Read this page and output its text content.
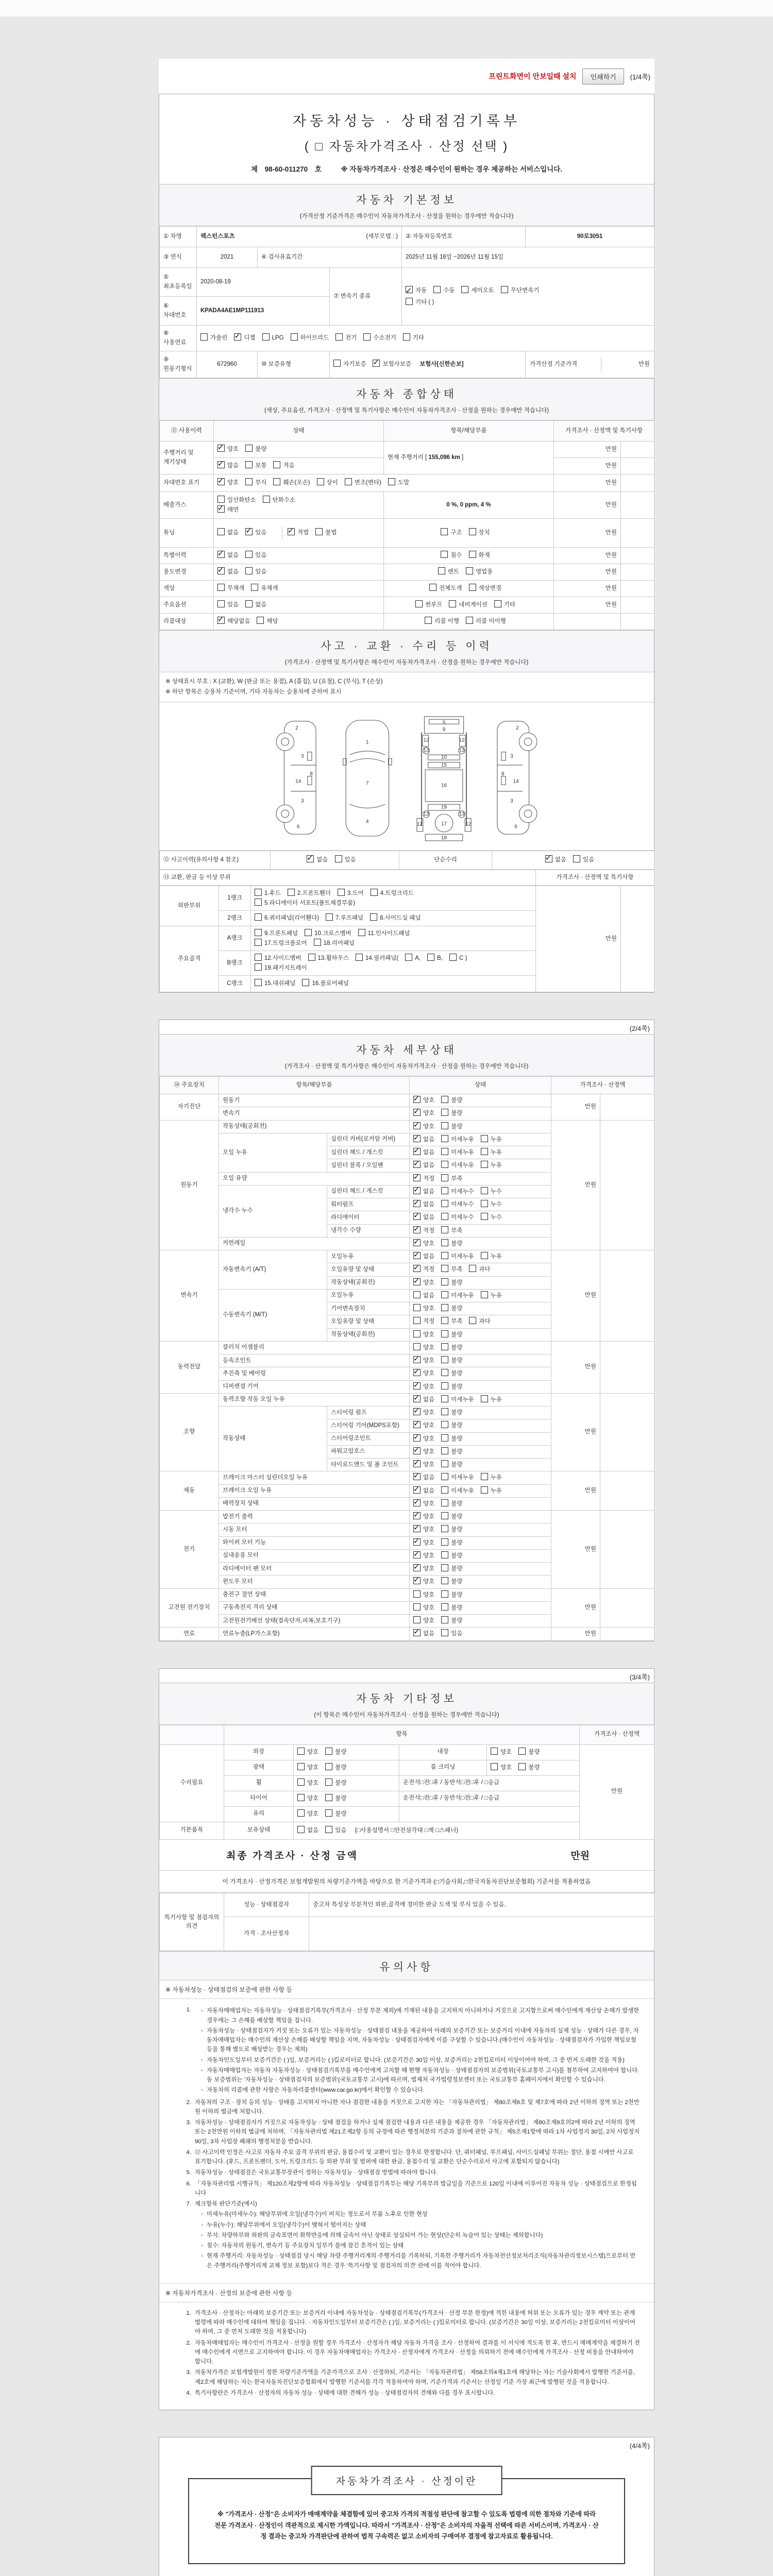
프린트화면이 안보일때 설치	인쇄하기	(1/4쪽)
자동차성능 · 상태점검기록부
( □ 자동차가격조사 · 산정 선택 )
제 98-60-011270 호	※ 자동차가격조사 · 산정은 매수인이 원하는 경우 제공하는 서비스입니다.
자동차 기본정보
(가격산정 기준가격은 매수인이 자동차가격조사 · 산정을 원하는 경우에만 적습니다)
① 차명	렉스턴스포츠 (세부모델 : )			② 자동차등록번호	90로3051
③ 연식	2021	④ 검사유효기간		2025년 11월 16일 ~2026년 11월 15일	
⑤ 최초등록일	2020-08-19		⑦ 변속기 종류	
✓자동 수동 세미오토 무단변속기
기타 ( )

⑥ 차대번호	KPADA4AE1MP111913				
⑧ 사용연료	가솔린 ✓ 디젤 LPG 하이브리드 전기 수소전기 기타
⑨ 원동기형식	672960	⑩ 보증유형	자기보증 ✓ 보험사보증 보험사[신한손보]		가격산정 기준가격 만원
자동차 종합상태
(색상, 주요옵션, 가격조사 · 산정액 및 특기사항은 매수인이 자동차가격조사 · 산정을 원하는 경우에만 적습니다)
⑪ 사용이력	상태	항목/해당부품	가격조사 · 산정액 및 특기사항	
주행거리 및 계기상태	✓양호 불량	현재 주행거리 [ 155,096 km ]	만원	
✓많음 보통 적음		만원	
차대번호 표기	✓양호 부식 훼손(오손) 상이 변조(변타) 도말		만원	
배출가스	일산화탄소 탄화수소
✓매연	0 %, 0 ppm, 4 %	만원	
튜닝	없음 ✓ 있음 ✓ 적법 불법	구조 장치	만원	
특별이력	✓없음 있음	침수 화재	만원	
용도변경	✓없음 있음	렌트 영업용	만원	
색상	무채색 유채색	전체도색 색상변경	만원	
주요옵션	있음 없음	썬루프 네비게이션 기타	만원	
리콜대상	✓해당없음 해당	리콜 이행 리콜 미이행		
사고 · 교환 · 수리 등 이력
(가격조사 · 산정액 및 특기사항은 매수인이 자동차가격조사 · 산정을 원하는 경우에만 적습니다)
※ 상태표시 부호 : X (교환), W (판금 또는 용접), A (흠집), U (요철), C (부식), T (손상)
※ 하단 항목은 승용차 기준이며, 기타 자동차는 승용차에 준하여 표시
2
3
14
3
8
6
1
7
4
5
9
12	12
13	13
10
15
16
19
13	13
17
12	12
18
2
3
14
3
8
6
⑫ 사고이력(유의사항 4 참조)	✓없음	있음	단순수리	✓없음	있음
⑬ 교환, 판금 등 이상 부위	가격조사 · 산정액 및 특기사항
외판부위	1랭크	1.후드 2.프론트휀더 3.도어 4.트렁크리드
5.라디에이터 서포트(볼트체결부품)	만원	
	2랭크	6.쿼터패널(리어휀다) 7.루프패널 8.사이드실 패널		
주요골격	A랭크	9.프론트패널 10.크로스멤버 11.인사이드패널
17.트렁크플로어 18.리어패널		

	B랭크	12.사이드멤버 13.휠하우스 14.필러패널( A, B, C )19.패키지트레이		
	C랭크	15.대쉬패널 16.플로어패널		
(2/4쪽)
자동차 세부상태
(가격조사 · 산정액 및 특기사항은 매수인이 자동차가격조사 · 산정을 원하는 경우에만 적습니다)
⑭ 주요장치	항목/해당부품		상태	가격조사 · 산정액	
자기진단	원동기	✓양호 불량	만원	
	변속기	✓양호 불량
원동기	작동상태(공회전)	✓양호 불량	만원	
	오일 누유	실린더 커버(로커암 커버)	✓없음 미세누유 누유
		실린더 헤드 / 개스킷	✓없음 미세누유 누유
		실린더 블록 / 오일팬	✓없음 미세누유 누유
	오일 유량	✓적정 부족
	냉각수 누수	실린더 헤드 / 개스킷	✓없음 미세누수 누수
		워터펌프	✓없음 미세누수 누수
		라디에이터	✓없음 미세누수 누수
		냉각수 수량	✓적정 부족
	커먼레일	✓양호 불량
변속기	자동변속기 (A/T)	오일누유	✓없음 미세누유 누유	만원	
		오일유량 및 상태	✓적정 부족 과다
		작동상태(공회전)	✓양호 불량
	수동변속기 (M/T)	오일누유	없음 미세누유 누유		
		기어변속장치	양호 불량		
		오일유량 및 상태	적정 부족 과다		
		작동상태(공회전)	양호 불량		
동력전달	클러치 어셈블리		양호 불량	만원	
	등속조인트	✓양호 불량
	추진축 및 베어링	✓양호 불량
	디퍼렌셜 기어	✓양호 불량
조향	동력조향 작동 오일 누유	✓없음 미세누유 누유	만원	
	작동상태	스티어링 펌프	✓양호 불량
		스티어링 기어(MDPS포함)	✓양호 불량
		스티어링조인트	✓양호 불량
		파워고압호스	✓양호 불량
		타이로드엔드 및 볼 조인트	✓양호 불량
제동	브레이크 마스터 실린더오일 누유	✓없음 미세누유 누유	만원	
	브레이크 오일 누유	✓없음 미세누유 누유
	배력장치 상태	✓양호 불량
전기	발전기 출력	✓양호 불량	만원	
	시동 모터	✓양호 불량
	와이퍼 모터 기능	✓양호 불량
	실내송풍 모터	✓양호 불량
	라디에이터 팬 모터	✓양호 불량
	윈도우 모터	✓양호 불량
고전원 전기장치	충전구 절연 상태		양호 불량	만원	
	구동축전지 격리 상태		양호 불량		
	고전원전기배선 상태(접속단자,피복,보호기구)		양호 불량		
연료	연료누출(LP가스포함)	✓없음 있음	만원	
(3/4쪽)
자동차 기타정보
(이 항목은 매수인이 자동차가격조사 · 산정을 원하는 경우에만 적습니다)
	항목				가격조사 · 산정액
수리필요	외장	양호 불량	내장	양호 불량	만원
	광택	양호 불량	룸 크리닝	양호 불량	
	휠	양호 불량	운전석□전□후 / 동반석□전□후 / □응급		
	타이어	양호 불량	운전석□전□후 / 동반석□전□후 / □응급		
	유리	양호 불량			
기본품목	보유상태	없음 있음 (□사용설명서 □안전삼각대 □잭 □스패너)			
최종 가격조사 · 산정 금액	만원
이 가격조사 · 산정가격은 보험개발원의 차량기준가액을 바탕으로 한 기준가격과 (□기술사회,□한국자동차진단보증협회) 기준서를 적용하였음
특기사항 및 점검자의 의견	성능 · 상태점검자	중고차 특성상 부분적인 외판,골격에 경미한 판금 도색 및 부식 있을 수 있음.
	가격 · 조사산정자	
유의사항
※ 자동차성능 · 상태점검의 보증에 관한 사항 등
1. ◦ 자동차매매업자는 자동차성능 · 상태점검기록부(가격조사 · 산정 부분 제외)에 기재된 내용을 고지하지 아니하거나 거짓으로 고지함으로써 매수인에게 재산상 손해가 발생한 경우에는 그 손해를 배상할 책임을 집니다.
◦ 자동차성능 · 상태점검자가 거짓 또는 오류가 있는 자동차성능 · 상태점검 내용을 제공하여 아래의 보증기간 또는 보증거리 이내에 자동차의 실제 성능 · 상태가 다른 경우, 자동차매매업자는 매수인의 재산상 손해를 배상할 책임을 지며, 자동차성능 · 상태점검자에게 이를 구상할 수 있습니다.(매수인이 자동차성능 · 상태점검자가 가입한 책임보험 등을 통해 별도로 배상받는 경우는 제외)
◦ 자동차인도일부터 보증기간은 ( )일, 보증거리는 ( )킬로미터로 합니다. (보증기간은 30일 이상, 보증거리는 2천킬로미터 이상이어야 하며, 그 중 먼저 도래한 것을 적용)
◦ 자동차매매업자는 자동차 자동차성능 · 상태점검기록부를 매수인에게 고지할 때 현행 자동차성능 · 상태점검자의 보증범위(국토교통부 고시)를 첨부하여 고지하여야 합니다. 동 보증범위는 '자동차성능 · 상태점검자의 보증범위'(국토교통부 고시)에 따르며, 법제처 국가법령정보센터 또는 국토교통부 홈페이지에서 확인할 수 있습니다.
◦ 자동차의 리콜에 관한 사항은 자동차리콜센터(www.car.go.kr)에서 확인할 수 있습니다.
2. 자동차의 구조 · 장치 등의 성능 · 상태를 고지하지 아니한 자나 점검한 내용을 거짓으로 고지한 자는 「자동차관리법」 제80조제6호 및 제7호에 따라 2년 이하의 징역 또는 2천만원 이하의 벌금에 처합니다.
3. 자동차성능 · 상태점검자가 거짓으로 자동차성능 · 상태 점검을 하거나 실제 점검한 내용과 다른 내용을 제공한 경우 「자동차관리법」 제80조제9호의2에 따라 2년 이하의 징역 또는 2천만원 이하의 벌금에 처하며, 「자동차관리법 제21조제2항 등의 규정에 따른 행정처분의 기준과 절차에 관한 규칙」 제5조제1항에 따라 1차 사업정지 30일, 2차 사업정지 90일, 3차 사업장 폐쇄의 행정처분을 받습니다.
4. ⑫ 사고이력 인정은 사고로 자동차 주요 골격 부위의 판금, 용접수리 및 교환이 있는 경우로 한정합니다. 단, 쿼터패널, 루프패널, 사이드실패널 부위는 절단, 용접 시에만 사고로 표기합니다. (후드, 프론트펜더, 도어, 트렁크리드 등 외판 부위 및 범퍼에 대한 판금, 용접수리 및 교환은 단순수리로서 사고에 포함되지 않습니다)
5. 자동차성능 · 상태점검은 국토교통부장관이 정하는 자동차성능 · 상태점검 방법에 따라야 합니다.
6. 「자동차관리법 시행규칙」 제120조제2항에 따라 자동차성능 · 상태점검기록부는 해당 기록부의 발급일을 기준으로 120일 이내에 이루어진 자동차 성능 · 상태점검으로 한정됩니다
7. 체크항목 판단기준(예시)
◦ 미세누유(미세누수): 해당부위에 오일(냉각수)이 비치는 정도로서 부품 노후로 인한 현상
◦ 누유(누수): 해당부위에서 오일(냉각수)이 맺혀서 떨어지는 상태
◦ 부식: 차량하부와 외판의 금속표면이 화학반응에 의해 금속이 아닌 상태로 상실되어 가는 현상(단순히 녹슬어 있는 상태는 제외합니다)
◦ 침수: 자동차의 원동기, 변속기 등 주요장치 일부가 물에 잠긴 흔적이 있는 상태
◦ 현재 주행거리: 자동차성능 · 상태점검 당시 해당 차량 주행거리계의 주행거리를 기록하되, 기록한 주행거리가 자동차전산정보처리조직(자동차관리정보시스템)으로부터 받은 주행거리(주행거리계 교체 정보 포함)보다 적은 경우 '특기사항 및 점검자의 의견' 란에 이를 적어야 합니다.
※ 자동차가격조사 · 산정의 보증에 관한 사항 등
1. 가격조사 · 산정자는 아래의 보증기간 또는 보증거리 이내에 자동차성능 · 상태점검기록부(가격조사 · 산정 부분 한정)에 적힌 내용에 허위 또는 오류가 있는 경우 계약 또는 관계법령에 따라 매수인에 대하여 책임을 집니다. · 자동차인도일부터 보증기간은 ( )일, 보증거리는 ( )킬로미터로 합니다. (보증기간은 30일 이상, 보증거리는 2천킬로미터 이상이어야 하며, 그 중 먼저 도래한 것을 적용합니다)
2. 자동차매매업자는 매수인이 가격조사 · 산정을 원할 경우 가격조사 · 산정자가 해당 자동차 가격을 조사 · 산정하여 결과를 이 서식에 적도록 한 후, 반드시 매매계약을 체결하기 전에 매수인에게 서면으로 고지하여야 합니다. 이 경우 자동차매매업자는 가격조사 · 산정자에게 가격조사 · 산정을 의뢰하기 전에 매수인에게 가격조사 · 산정 비용을 안내하여야 합니다.
3. 자동차가격은 보험개발원이 정한 차량기준가액을 기준가격으로 조사 · 산정하되, 기준서는 「자동차관리법」 제58조의4제1호에 해당하는 자는 기술사회에서 발행한 기준서를, 제2호에 해당하는 자는 한국자동차진단보증협회에서 발행한 기준서를 각각 적용하여야 하며, 기준가격과 기준서는 산정일 기준 가장 최근에 발행된 것을 적용합니다.
4. 특기사항란은 가격조사 · 산정자의 자동차 성능 · 상태에 대한 견해가 성능 · 상태점검자의 견해와 다를 경우 표시합니다.
(4/4쪽)
자동차가격조사 · 산정이란
※ "가격조사 · 산정"은 소비자가 매매계약을 체결함에 있어 중고차 가격의 적절성 판단에 참고할 수 있도록 법령에 의한 절차와 기준에 따라 전문 가격조사 · 산정인이 객관적으로 제시한 가액입니다. 따라서 "가격조사 · 산정"은 소비자의 자율적 선택에 따른 서비스이며, 가격조사 · 산정 결과는 중고차 가격판단에 관하여 법적 구속력은 없고 소비자의 구매여부 결정에 참고자료로 활용됩니다.
